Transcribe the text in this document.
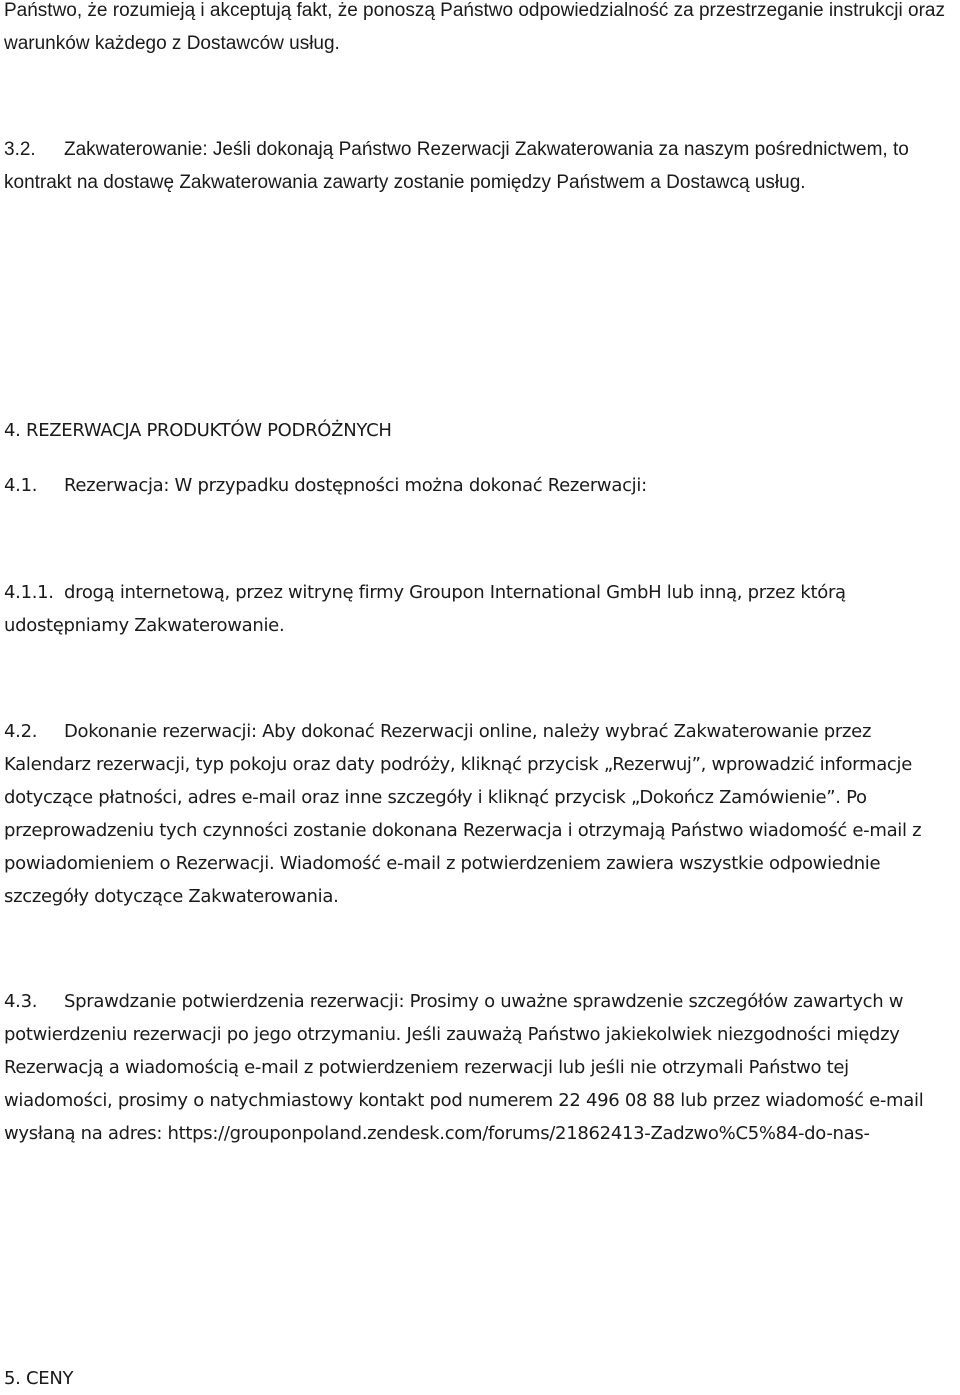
Państwo, że rozumieją i akceptują fakt, że ponoszą Państwo odpowiedzialność za przestrzeganie instrukcji oraz warunków każdego z Dostawców usług.

3.2. Zakwaterowanie: Jeśli dokonają Państwo Rezerwacji Zakwaterowania za naszym pośrednictwem, to kontrakt na dostawę Zakwaterowania zawarty zostanie pomiędzy Państwem a Dostawcą usług.

4. REZERWACJA PRODUKTÓW PODRÓŻNYCH

4.1. Rezerwacja: W przypadku dostępności można dokonać Rezerwacji:

4.1.1. drogą internetową, przez witrynę firmy Groupon International GmbH lub inną, przez którą udostępniamy Zakwaterowanie.

4.2. Dokonanie rezerwacji: Aby dokonać Rezerwacji online, należy wybrać Zakwaterowanie przez Kalendarz rezerwacji, typ pokoju oraz daty podróży, kliknąć przycisk „Rezerwuj”, wprowadzić informacje dotyczące płatności, adres e-mail oraz inne szczegóły i kliknąć przycisk „Dokończ Zamówienie”. Po przeprowadzeniu tych czynności zostanie dokonana Rezerwacja i otrzymają Państwo wiadomość e-mail z powiadomieniem o Rezerwacji. Wiadomość e-mail z potwierdzeniem zawiera wszystkie odpowiednie szczegóły dotyczące Zakwaterowania.

4.3. Sprawdzanie potwierdzenia rezerwacji: Prosimy o uważne sprawdzenie szczegółów zawartych w potwierdzeniu rezerwacji po jego otrzymaniu. Jeśli zauważą Państwo jakiekolwiek niezgodności między Rezerwacją a wiadomością e-mail z potwierdzeniem rezerwacji lub jeśli nie otrzymali Państwo tej wiadomości, prosimy o natychmiastowy kontakt pod numerem 22 496 08 88 lub przez wiadomość e-mail wysłaną na adres: https://grouponpoland.zendesk.com/forums/21862413-Zadzwo%C5%84-do-nas-

5. CENY
